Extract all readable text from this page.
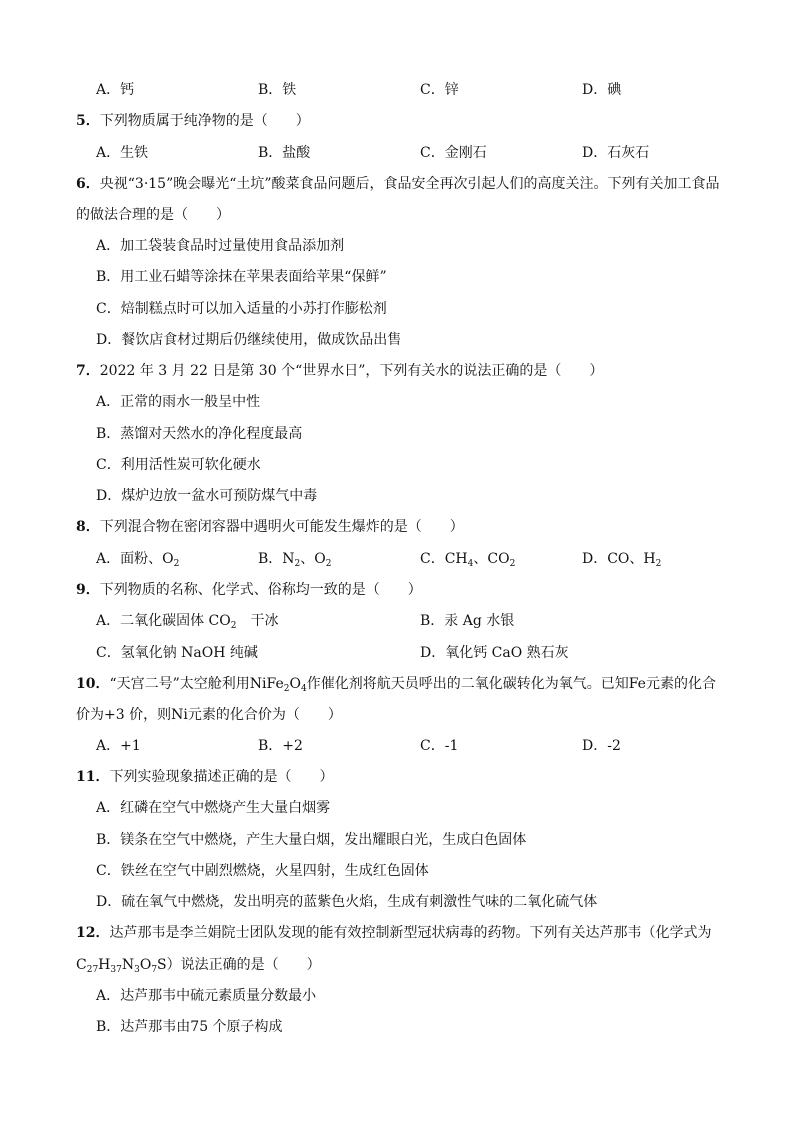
A．钙	B．铁	C．锌	D．碘
5．下列物质属于纯净物的是（　　）
A．生铁	B．盐酸	C．金刚石	D．石灰石
6．央视“3·15”晚会曝光“土坑”酸菜食品问题后，食品安全再次引起人们的高度关注。下列有关加工食品
的做法合理的是（　　）
A．加工袋装食品时过量使用食品添加剂
B．用工业石蜡等涂抹在苹果表面给苹果“保鲜”
C．焙制糕点时可以加入适量的小苏打作膨松剂
D．餐饮店食材过期后仍继续使用，做成饮品出售
7．2022 年 3 月 22 日是第 30 个“世界水日”，下列有关水的说法正确的是（　　）
A．正常的雨水一般呈中性
B．蒸馏对天然水的净化程度最高
C．利用活性炭可软化硬水
D．煤炉边放一盆水可预防煤气中毒
8．下列混合物在密闭容器中遇明火可能发生爆炸的是（　　）
A．面粉、$O_2$	B．$N_2$、$O_2$	C．$CH_4$、$CO_2$	D．CO、$H_2$
9．下列物质的名称、化学式、俗称均一致的是（　　）
A．二氧化碳固体 $CO_2$　干冰	B．汞 Ag 水银
C．氢氧化钠 NaOH 纯碱	D．氧化钙 CaO 熟石灰
10．“天宫二号”太空舱利用$NiFe_2O_4$作催化剂将航天员呼出的二氧化碳转化为氧气。已知Fe元素的化合
价为+3 价，则Ni元素的化合价为（　　）
A．+1	B．+2	C．-1	D．-2
11．下列实验现象描述正确的是（　　）
A．红磷在空气中燃烧产生大量白烟雾
B．镁条在空气中燃烧，产生大量白烟，发出耀眼白光，生成白色固体
C．铁丝在空气中剧烈燃烧，火星四射，生成红色固体
D．硫在氧气中燃烧，发出明亮的蓝紫色火焰，生成有刺激性气味的二氧化硫气体
12．达芦那韦是李兰娟院士团队发现的能有效控制新型冠状病毒的药物。下列有关达芦那韦（化学式为
$C_{27}H_{37}N_3O_7S$）说法正确的是（　　）
A．达芦那韦中硫元素质量分数最小
B．达芦那韦由75 个原子构成
